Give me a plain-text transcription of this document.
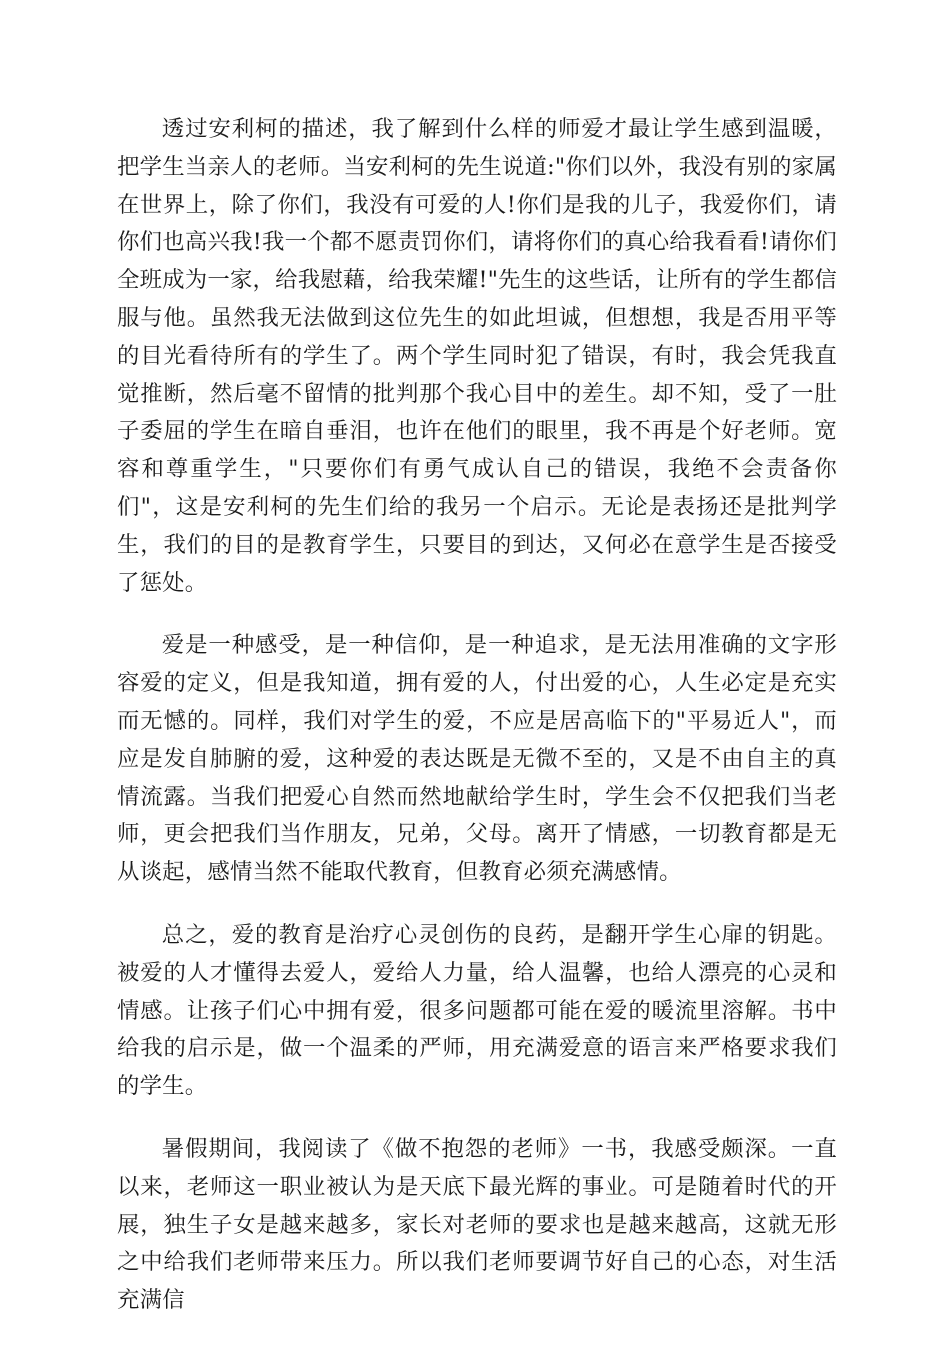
透过安利柯的描述，我了解到什么样的师爱才最让学生感到温暖，把学生当亲人的老师。当安利柯的先生说道:"你们以外，我没有别的家属在世界上，除了你们，我没有可爱的人!你们是我的儿子，我爱你们，请你们也高兴我!我一个都不愿责罚你们，请将你们的真心给我看看!请你们全班成为一家，给我慰藉，给我荣耀!"先生的这些话，让所有的学生都信服与他。虽然我无法做到这位先生的如此坦诚，但想想，我是否用平等的目光看待所有的学生了。两个学生同时犯了错误，有时，我会凭我直觉推断，然后毫不留情的批判那个我心目中的差生。却不知，受了一肚子委屈的学生在暗自垂泪，也许在他们的眼里，我不再是个好老师。宽容和尊重学生，"只要你们有勇气成认自己的错误，我绝不会责备你们"，这是安利柯的先生们给的我另一个启示。无论是表扬还是批判学生，我们的目的是教育学生，只要目的到达，又何必在意学生是否接受了惩处。

爱是一种感受，是一种信仰，是一种追求，是无法用准确的文字形容爱的定义，但是我知道，拥有爱的人，付出爱的心，人生必定是充实而无憾的。同样，我们对学生的爱，不应是居高临下的"平易近人"，而应是发自肺腑的爱，这种爱的表达既是无微不至的，又是不由自主的真情流露。当我们把爱心自然而然地献给学生时，学生会不仅把我们当老师，更会把我们当作朋友，兄弟，父母。离开了情感，一切教育都是无从谈起，感情当然不能取代教育，但教育必须充满感情。

总之，爱的教育是治疗心灵创伤的良药，是翻开学生心扉的钥匙。被爱的人才懂得去爱人，爱给人力量，给人温馨，也给人漂亮的心灵和情感。让孩子们心中拥有爱，很多问题都可能在爱的暖流里溶解。书中给我的启示是，做一个温柔的严师，用充满爱意的语言来严格要求我们的学生。

暑假期间，我阅读了《做不抱怨的老师》一书，我感受颇深。一直以来，老师这一职业被认为是天底下最光辉的事业。可是随着时代的开展，独生子女是越来越多，家长对老师的要求也是越来越高，这就无形之中给我们老师带来压力。所以我们老师要调节好自己的心态，对生活充满信
